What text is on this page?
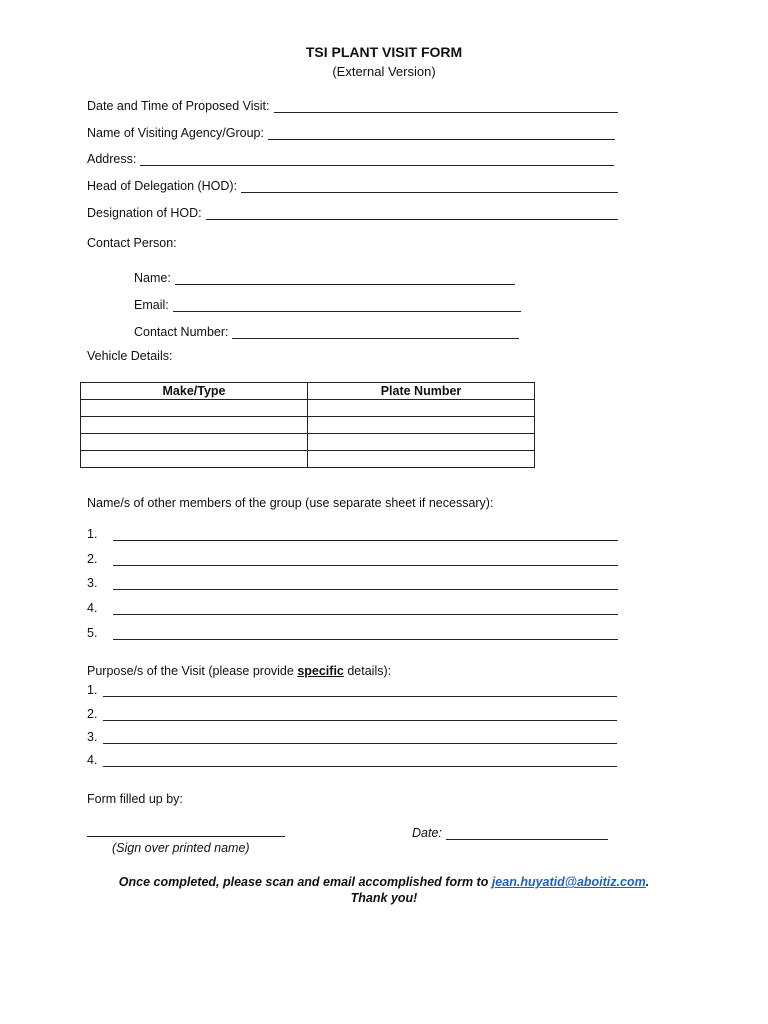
TSI PLANT VISIT FORM
(External Version)
Date and Time of Proposed Visit:
Name of Visiting Agency/Group:
Address:
Head of Delegation (HOD):
Designation of HOD:
Contact Person:
Name:
Email:
Contact Number:
Vehicle Details:
Make/Type	Plate Number

Name/s of other members of the group (use separate sheet if necessary):
1.
2.
3.
4.
5.
Purpose/s of the Visit (please provide specific details):
1.
2.
3.
4.
Form filled up by:
(Sign over printed name)
Date:
Once completed, please scan and email accomplished form to jean.huyatid@aboitiz.com.
Thank you!
